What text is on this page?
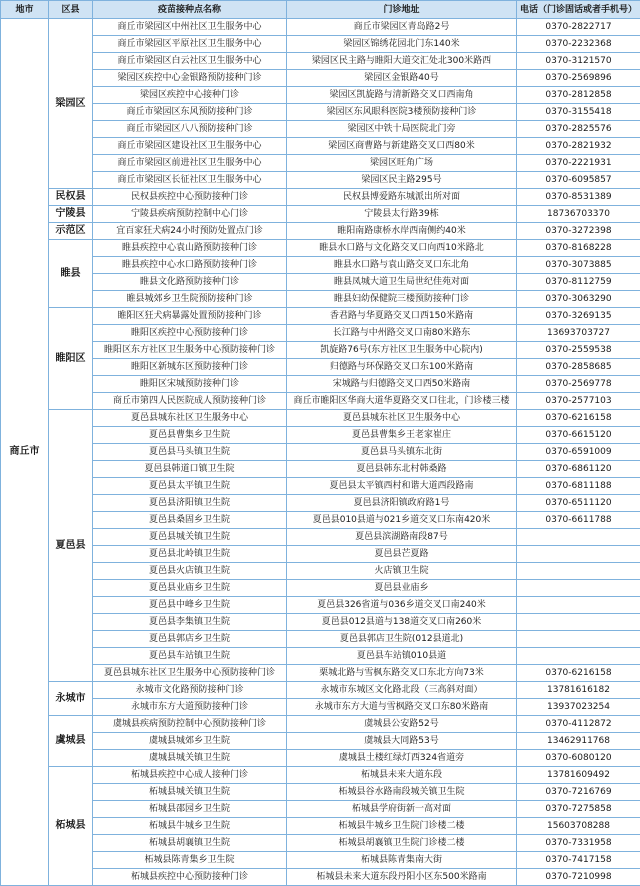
地市	区县	疫苗接种点名称	门诊地址	电话（门诊固话或者手机号）
商丘市	梁园区	商丘市梁园区中州社区卫生服务中心	商丘市梁园区青岛路2号	0370-2822717
		商丘市梁园区平原社区卫生服务中心	梁园区锦绣花园北门东140米	0370-2232368
		商丘市梁园区白云社区卫生服务中心	梁园区民主路与睢阳大道交汇处北300米路西	0370-3121570
		梁园区疾控中心金银路预防接种门诊	梁园区金银路40号	0370-2569896
		梁园区疾控中心接种门诊	梁园区凯旋路与清新路交叉口西南角	0370-2812858
		商丘市梁园区东风预防接种门诊	梁园区东风眼科医院3楼预防接种门诊	0370-3155418
		商丘市梁园区八八预防接种门诊	梁园区中铁十局医院北门旁	0370-2825576
		商丘市梁园区建设社区卫生服务中心	梁园区商曹路与新建路交叉口西80米	0370-2821932
		商丘市梁园区前进社区卫生服务中心	梁园区旺角广场	0370-2221931
		商丘市梁园区长征社区卫生服务中心	梁园区民主路295号	0370-6095857
	民权县	民权县疾控中心预防接种门诊	民权县博爱路东城派出所对面	0370-8531389
	宁陵县	宁陵县疾病预防控制中心门诊	宁陵县太行路39栋	18736703370
	示范区	宜百家狂犬病24小时预防处置点门诊	睢阳南路康桥水岸西南侧约40米	0370-3272398
	睢县	睢县疾控中心袁山路预防接种门诊	睢县水口路与文化路交叉口向西10米路北	0370-8168228
		睢县疾控中心水口路预防接种门诊	睢县水口路与袁山路交叉口东北角	0370-3073885
		睢县文化路预防接种门诊	睢县凤城大道卫生局世纪佳苑对面	0370-8112759
		睢县城郊乡卫生院预防接种门诊	睢县妇幼保健院三楼预防接种门诊	0370-3063290
	睢阳区	睢阳区狂犬病暴露处置预防接种门诊	香君路与华夏路交叉口西150米路南	0370-3269135
		睢阳区疾控中心预防接种门诊	长江路与中州路交叉口南80米路东	13693703727
		睢阳区东方社区卫生服务中心预防接种门诊	凯旋路76号(东方社区卫生服务中心院内)	0370-2559538
		睢阳区新城东区预防接种门诊	归德路与环保路交叉口东100米路南	0370-2858685
		睢阳区宋城预防接种门诊	宋城路与归德路交叉口西50米路南	0370-2569778
		商丘市第四人民医院成人预防接种门诊	商丘市睢阳区华商大道华夏路交叉口往北，门诊楼三楼	0370-2577103
	夏邑县	夏邑县城东社区卫生服务中心	夏邑县城东社区卫生服务中心	0370-6216158
		夏邑县曹集乡卫生院	夏邑县曹集乡王老家崔庄	0370-6615120
		夏邑县马头镇卫生院	夏邑县马头镇东北街	0370-6591009
		夏邑县韩道口镇卫生院	夏邑县韩东北村韩桑路	0370-6861120
		夏邑县太平镇卫生院	夏邑县太平镇西村和谐大道西段路南	0370-6811188
		夏邑县济阳镇卫生院	夏邑县济阳镇政府路1号	0370-6511120
		夏邑县桑固乡卫生院	夏邑县010县道与021乡道交叉口东南420米	0370-6611788
		夏邑县城关镇卫生院	夏邑县滨湖路南段87号	
		夏邑县北岭镇卫生院	夏邑县芒夏路	
		夏邑县火店镇卫生院	火店镇卫生院	
		夏邑县业庙乡卫生院	夏邑县业庙乡	
		夏邑县中峰乡卫生院	夏邑县326省道与036乡道交叉口南240米	
		夏邑县李集镇卫生院	夏邑县012县道与138道交叉口南260米	
		夏邑县郭店乡卫生院	夏邑县郭店卫生院(012县道北)	
		夏邑县车站镇卫生院	夏邑县车站镇010县道	
		夏邑县城东社区卫生服务中心预防接种门诊	栗城北路与雪枫东路交叉口东北方向73米	0370-6216158
	永城市	永城市文化路预防接种门诊	永城市东城区文化路北段（三高斜对面）	13781616182
		永城市东方大道预防接种门诊	永城市东方大道与雪枫路交叉口东80米路南	13937023254
	虞城县	虞城县疾病预防控制中心预防接种门诊	虞城县公安路52号	0370-4112872
		虞城县城郊乡卫生院	虞城县大同路53号	13462911768
		虞城县城关镇卫生院	虞城县土楼红绿灯西324省道旁	0370-6080120
	柘城县	柘城县疾控中心成人接种门诊	柘城县未来大道东段	13781609492
		柘城县城关镇卫生院	柘城县谷水路南段城关镇卫生院	0370-7216769
		柘城县邵园乡卫生院	柘城县学府街新一高对面	0370-7275858
		柘城县牛城乡卫生院	柘城县牛城乡卫生院门诊楼二楼	15603708288
		柘城县胡襄镇卫生院	柘城县胡襄镇卫生院门诊楼二楼	0370-7331958
		柘城县陈青集乡卫生院	柘城县陈青集南大街	0370-7417158
		柘城县疾控中心预防接种门诊	柘城县未来大道东段丹阳小区东500米路南	0370-7210998
